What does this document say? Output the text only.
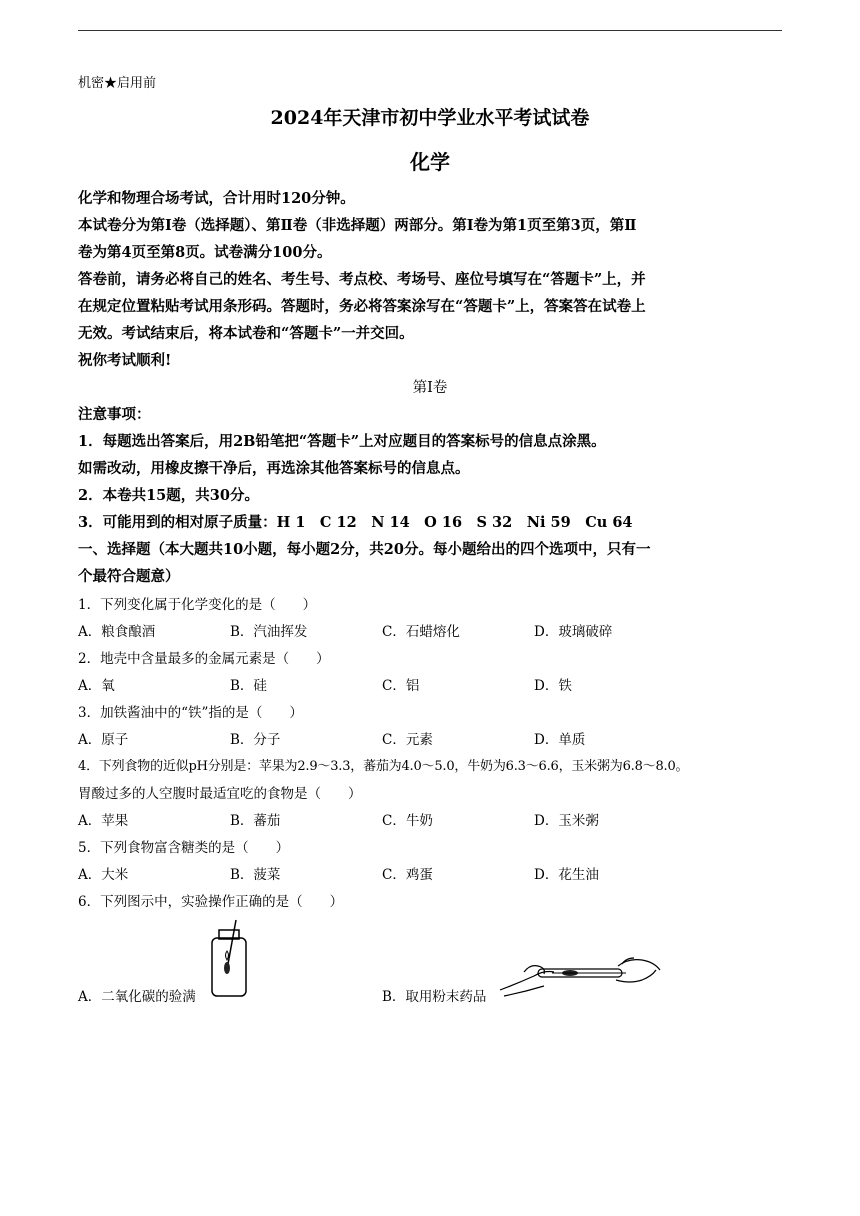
机密★启用前
2024年天津市初中学业水平考试试卷
化学
化学和物理合场考试，合计用时120分钟。
本试卷分为第Ⅰ卷（选择题）、第Ⅱ卷（非选择题）两部分。第Ⅰ卷为第1页至第3页，第Ⅱ
卷为第4页至第8页。试卷满分100分。
答卷前，请务必将自己的姓名、考生号、考点校、考场号、座位号填写在“答题卡”上，并
在规定位置粘贴考试用条形码。答题时，务必将答案涂写在“答题卡”上，答案答在试卷上
无效。考试结束后，将本试卷和“答题卡”一并交回。
祝你考试顺利!
第Ⅰ卷
注意事项：
1．每题选出答案后，用2B铅笔把“答题卡”上对应题目的答案标号的信息点涂黑。
如需改动，用橡皮擦干净后，再选涂其他答案标号的信息点。
2．本卷共15题，共30分。
3．可能用到的相对原子质量：H 1　C 12　N 14　O 16　S 32　Ni 59　Cu 64
一、选择题（本大题共10小题，每小题2分，共20分。每小题给出的四个选项中，只有一
个最符合题意）
1．下列变化属于化学变化的是（　　）
A．粮食酿酒	B．汽油挥发	C．石蜡熔化	D．玻璃破碎
2．地壳中含量最多的金属元素是（　　）
A．氧	B．硅	C．铝	D．铁
3．加铁酱油中的“铁”指的是（　　）
A．原子	B．分子	C．元素	D．单质
4．下列食物的近似pH分别是：苹果为2.9～3.3，蕃茄为4.0～5.0，牛奶为6.3～6.6，玉米粥为6.8～8.0。
胃酸过多的人空腹时最适宜吃的食物是（　　）
A．苹果	B．蕃茄	C．牛奶	D．玉米粥
5．下列食物富含糖类的是（　　）
A．大米	B．菠菜	C．鸡蛋	D．花生油
6．下列图示中，实验操作正确的是（　　）
A．二氧化碳的验满	B．取用粉末药品
